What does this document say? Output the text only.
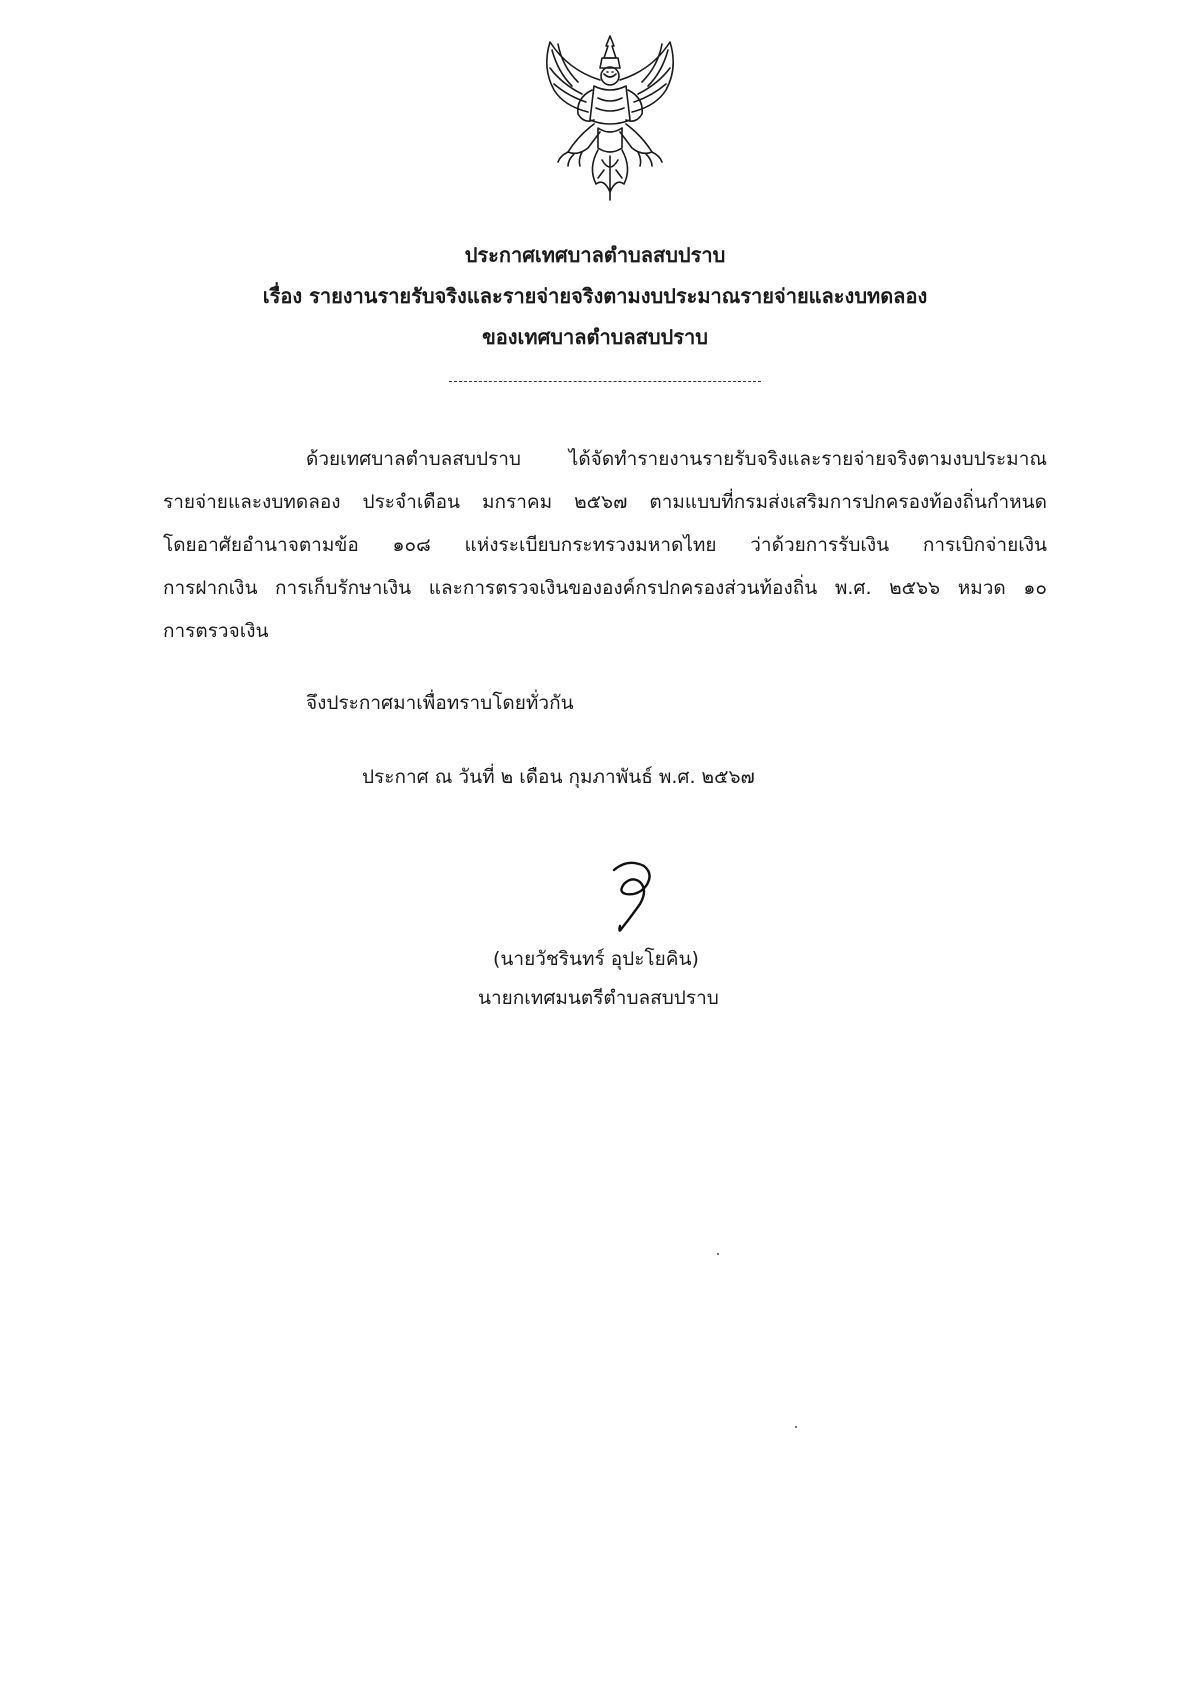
ประกาศเทศบาลตำบลสบปราบ
เรื่อง รายงานรายรับจริงและรายจ่ายจริงตามงบประมาณรายจ่ายและงบทดลอง
ของเทศบาลตำบลสบปราบ
ด้วยเทศบาลตำบลสบปราบ ได้จัดทำรายงานรายรับจริงและรายจ่ายจริงตามงบประมาณ
รายจ่ายและงบทดลอง ประจำเดือน มกราคม ๒๕๖๗ ตามแบบที่กรมส่งเสริมการปกครองท้องถิ่นกำหนด
โดยอาศัยอำนาจตามข้อ ๑๐๘ แห่งระเบียบกระทรวงมหาดไทย ว่าด้วยการรับเงิน การเบิกจ่ายเงิน
การฝากเงิน การเก็บรักษาเงิน และการตรวจเงินขององค์กรปกครองส่วนท้องถิ่น พ.ศ. ๒๕๖๖ หมวด ๑๐
การตรวจเงิน
จึงประกาศมาเพื่อทราบโดยทั่วกัน
ประกาศ ณ วันที่ ๒ เดือน กุมภาพันธ์ พ.ศ. ๒๕๖๗
(นายวัชรินทร์ อุปะโยคิน)
นายกเทศมนตรีตำบลสบปราบ
